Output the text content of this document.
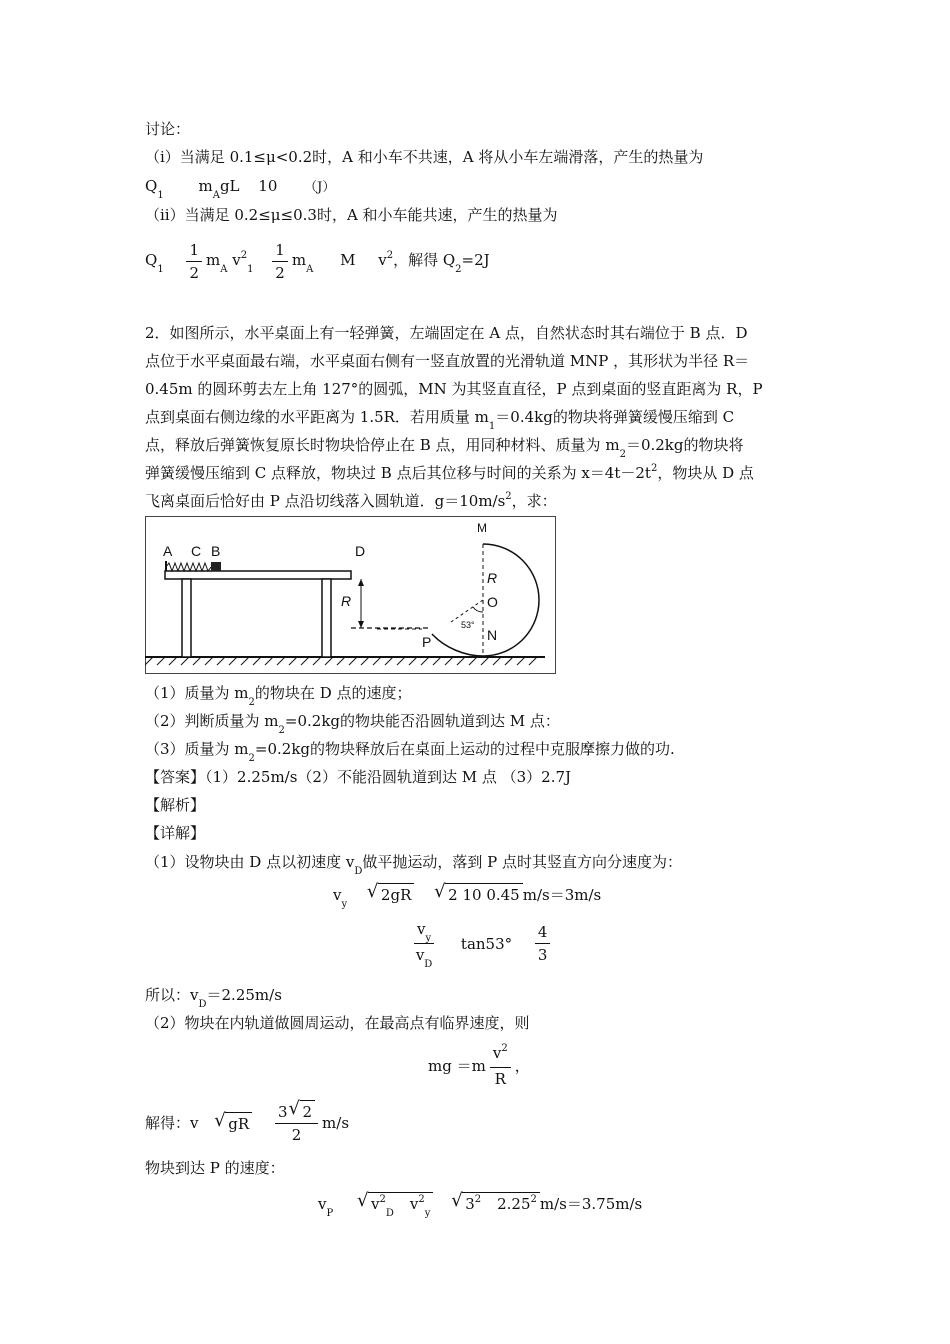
讨论：
（ⅰ）当满足 0.1≤μ<0.2时，A 和小车不共速，A 将从小车左端滑落，产生的热量为
$Q_1$ $m_AgL$ 10 （J）
（ⅱ）当满足 0.2≤μ≤0.3时，A 和小车能共速，产生的热量为
$Q_1 \frac{1}{2} m_A$ $v^2_1 \frac{1}{2} m_A$ M $v^2$，解得 $Q_2=2J$
2．如图所示，水平桌面上有一轻弹簧，左端固定在 A 点，自然状态时其右端位于 B 点．D
点位于水平桌面最右端，水平桌面右侧有一竖直放置的光滑轨道 MNP ，其形状为半径 R＝
0.45m 的圆环剪去左上角 127°的圆弧，MN 为其竖直直径，P 点到桌面的竖直距离为 R，P
点到桌面右侧边缘的水平距离为 1.5R．若用质量 $m_1=0.4kg$的物块将弹簧缓慢压缩到 C
点，释放后弹簧恢复原长时物块恰停止在 B 点，用同种材料、质量为 $m_2=0.2kg$的物块将
弹簧缓慢压缩到 C 点释放，物块过 B 点后其位移与时间的关系为 $x=4t-2t^2$，物块从 D 点
飞离桌面后恰好由 P 点沿切线落入圆轨道．$g=10m/s^2$，求：
A C B	D
R
M
R
O
53°
P	N
（1）质量为 $m_2$的物块在 D 点的速度；
（2）判断质量为 $m_2=0.2kg$的物块能否沿圆轨道到达 M 点：
（3）质量为 $m_2=0.2kg$的物块释放后在桌面上运动的过程中克服摩擦力做的功.
【答案】（1）2.25m/s（2）不能沿圆轨道到达 M 点 （3）2.7J
【解析】
【详解】
（1）设物块由 D 点以初速度 $v_D$做平抛运动，落到 P 点时其竖直方向分速度为：
$v_y$ √ 2gR √ 2 10 0.45 m/s＝3m/s
$\frac{v_y}{v_D} \tan 53^\circ \frac{4}{3}$
所以：$v_D=2.25m/s$
（2）物块在内轨道做圆周运动，在最高点有临界速度，则
mg $=m \frac{v^2}{R}$ ，
解得：v √ gR $\frac{3 √ 2}{2} m/s$
物块到达 P 的速度：
$v_P$ √ $v^2_Dv^2_y$ √ $3^2$ 2.25$^2$ m/s＝3.75m/s
